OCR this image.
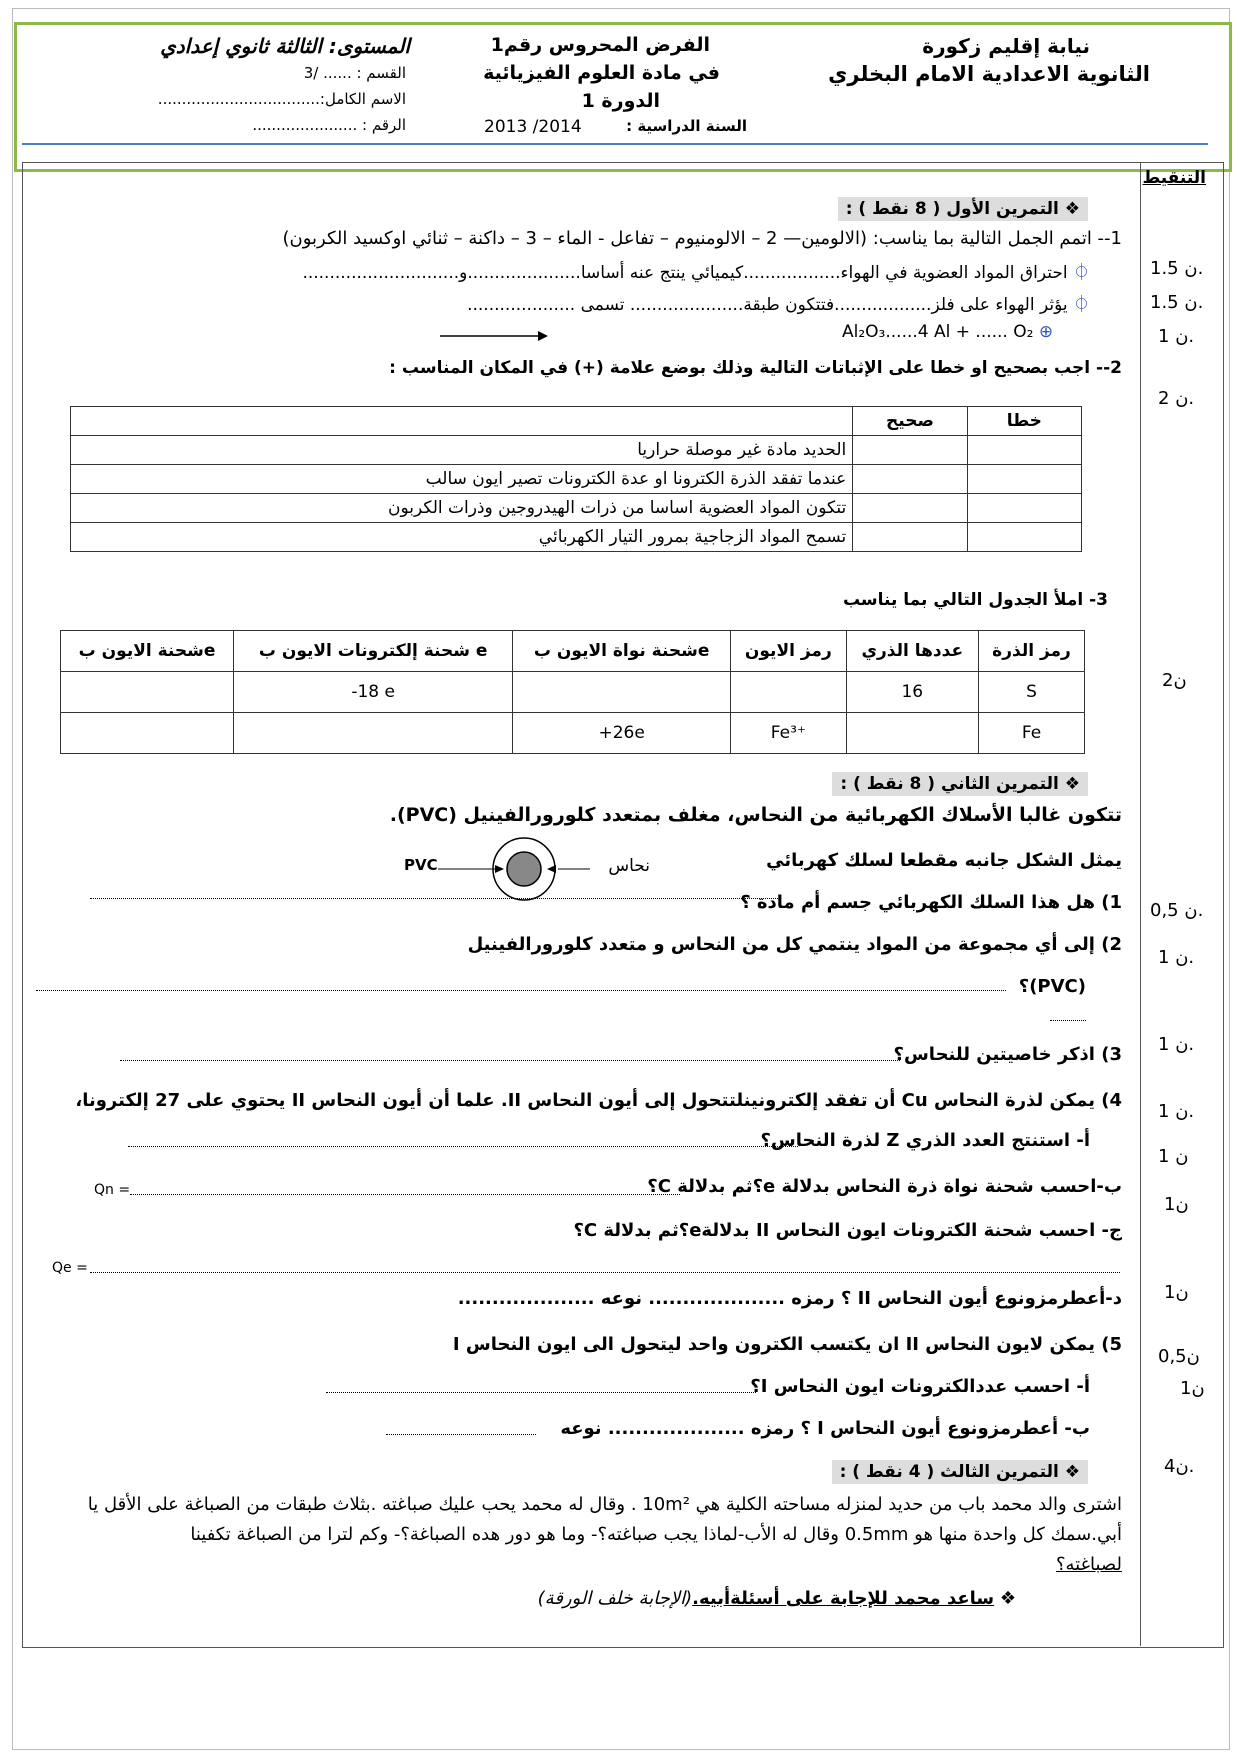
نيابة إقليم زكورة
الثانوية الاعدادية الامام البخلري
الفرض المحروس رقم1
في مادة العلوم الفيزيائية
الدورة 1
السنة الدراسية :
2013 /2014
المستوى: الثالثة ثانوي إعدادي
القسم : ...... /3
الاسم الكامل:..................................
الرقم : ......................
التنقيط
1.5 ن.
1.5 ن.
1 ن.
2 ن.
2ن
0,5 ن.
1 ن.
1 ن.
1 ن.
1 ن
1ن
1ن
0,5ن
1ن
4ن.
❖ التمرين الأول ( 8 نقط ) :
1-- اتمم الجمل التالية بما يناسب: (الالومين— 2 – الالومنيوم – تفاعل - الماء – 3 – داكنة – ثنائي اوكسيد الكربون)
⏀ احتراق المواد العضوية في الهواء..................كيميائي ينتج عنه أساسا.....................و.............................
⏀ يؤثر الهواء على فلز..................فتتكون طبقة..................... تسمى ....................
Al₂O₃......4 Al + ...... O₂ ⊕
2-- اجب بصحيح او خطا على الإثباتات التالية وذلك بوضع علامة (+) في المكان المناسب :
	صحيح	خطا
الحديد مادة غير موصلة حراريا		
عندما تفقد الذرة الكترونا او عدة الكترونات تصير ايون سالب		
تتكون المواد العضوية اساسا من ذرات الهيدروجين وذرات الكربون		
تسمح المواد الزجاجية بمرور التيار الكهربائي		
3- املأ الجدول التالي بما يناسب
شحنة الايون بe	شحنة إلكترونات الايون ب e	شحنة نواة الايون بe	رمز الايون	عددها الذري	رمز الذرة
	-18 e			16	S
		+26e	Fe³⁺		Fe
❖ التمرين الثاني ( 8 نقط ) :
تتكون غالبا الأسلاك الكهربائية من النحاس، مغلف بمتعدد كلورورالفينيل (PVC).
يمثل الشكل جانبه مقطعا لسلك كهربائي
PVC	نحاس
1) هل هذا السلك الكهربائي جسم أم مادة ؟
2) إلى أي مجموعة من المواد ينتمي كل من النحاس و متعدد كلورورالفينيل
(PVC)؟
3) اذكر خاصيتين للنحاس؟
4) يمكن لذرة النحاس Cu أن تفقد إلكترونينلتتحول إلى أيون النحاس II. علما أن أيون النحاس II يحتوي على 27 إلكترونا،
أ- استنتج العدد الذري Z لذرة النحاس؟
ب-احسب شحنة نواة ذرة النحاس بدلالة e؟ثم بدلالة C؟
Qn =
ج- احسب شحنة الكترونات ايون النحاس II بدلالةe؟ثم بدلالة C؟
Qe =
د-أعطرمزونوع أيون النحاس II ؟ رمزه .................... نوعه ....................
5) يمكن لايون النحاس II ان يكتسب الكترون واحد ليتحول الى ايون النحاس I
أ- احسب عددالكترونات ايون النحاس I؟
ب- أعطرمزونوع أيون النحاس I ؟ رمزه .................... نوعه
❖ التمرين الثالث ( 4 نقط ) :
اشترى والد محمد باب من حديد لمنزله مساحته الكلية هي 10m² . وقال له محمد يحب عليك صباغته .بثلاث طبقات من الصباغة على الأقل يا
أبي.سمك كل واحدة منها هو 0.5mm وقال له الأب-لماذا يجب صباغته؟- وما هو دور هده الصباغة؟- وكم لترا من الصباغة تكفينا
لصباغته؟
❖ ساعد محمد للإجابة على أسئلةأبيه.(الإجابة خلف الورقة)
